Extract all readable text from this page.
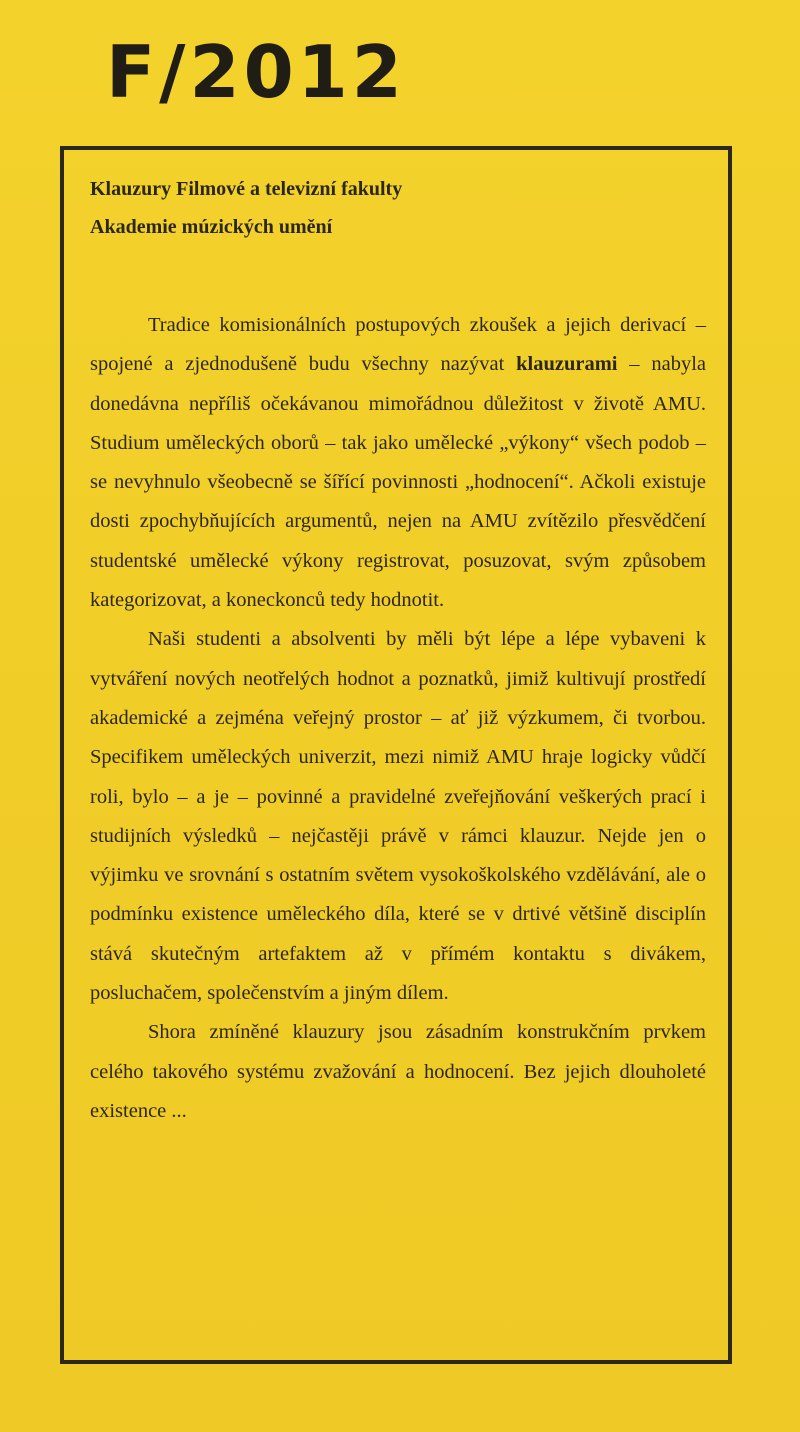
F/2012

Klauzury Filmové a televizní fakulty
Akademie múzických umění

Tradice komisionálních postupových zkoušek a jejich derivací – spojené a zjednodušeně budu všechny nazývat klauzurami – nabyla donedávna nepříliš očekávanou mimořádnou důležitost v životě AMU. Studium uměleckých oborů – tak jako umělecké „výkony“ všech podob – se nevyhnulo všeobecně se šířící povinnosti „hodnocení“. Ačkoli existuje dosti zpochybňujících argumentů, nejen na AMU zvítězilo přesvědčení studentské umělecké výkony registrovat, posuzovat, svým způsobem kategorizovat, a koneckonců tedy hodnotit.

Naši studenti a absolventi by měli být lépe a lépe vybaveni k vytváření nových neotřelých hodnot a poznatků, jimiž kultivují prostředí akademické a zejména veřejný prostor – ať již výzkumem, či tvorbou. Specifikem uměleckých univerzit, mezi nimiž AMU hraje logicky vůdčí roli, bylo – a je – povinné a pravidelné zveřejňování veškerých prací i studijních výsledků – nejčastěji právě v rámci klauzur. Nejde jen o výjimku ve srovnání s ostatním světem vysokoškolského vzdělávání, ale o podmínku existence uměleckého díla, které se v drtivé většině disciplín stává skutečným artefaktem až v přímém kontaktu s divákem, posluchačem, společenstvím a jiným dílem.

Shora zmíněné klauzury jsou zásadním konstrukčním prvkem celého takového systému zvažování a hodnocení. Bez jejich dlouholeté existence ...
